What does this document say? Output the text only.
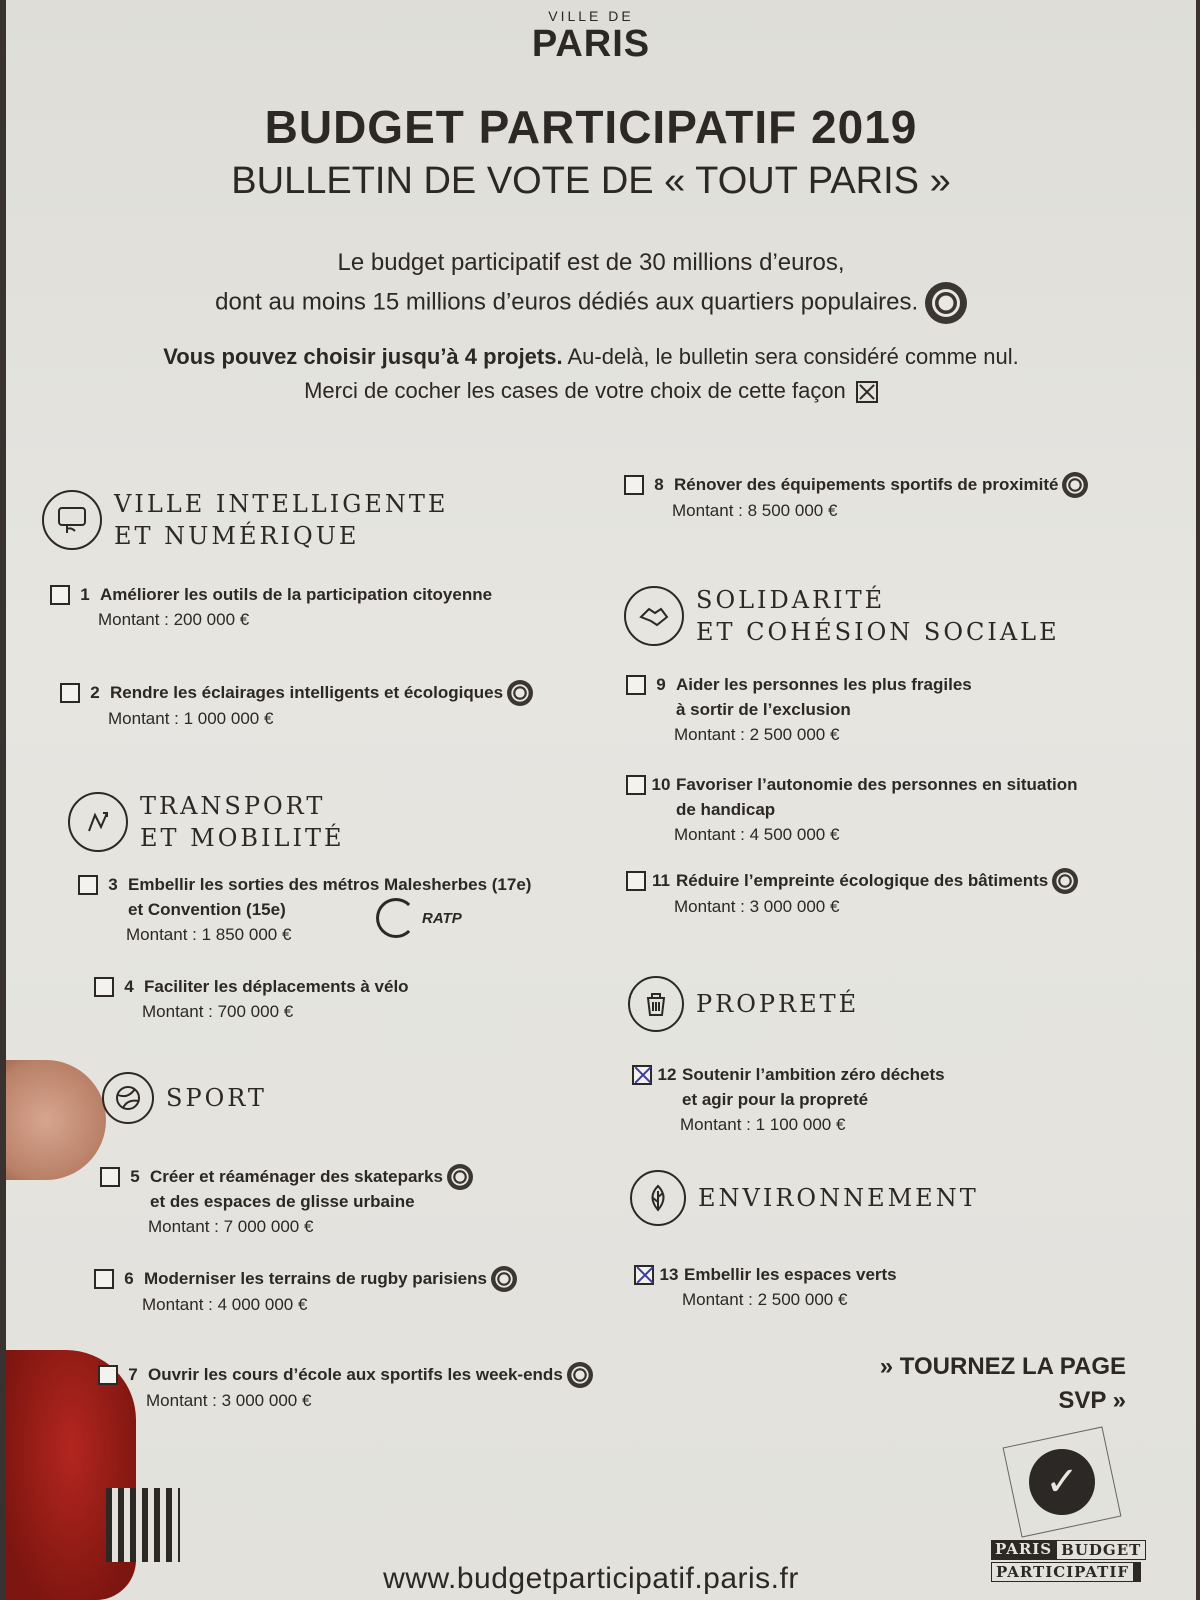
VILLE DE
PARIS
BUDGET PARTICIPATIF 2019
BULLETIN DE VOTE DE « TOUT PARIS »
Le budget participatif est de 30 millions d’euros,
dont au moins 15 millions d’euros dédiés aux quartiers populaires.
Vous pouvez choisir jusqu’à 4 projets. Au-delà, le bulletin sera considéré comme nul.
Merci de cocher les cases de votre choix de cette façon
VILLE INTELLIGENTE
ET NUMÉRIQUE
1 Améliorer les outils de la participation citoyenne
Montant : 200 000 €
2 Rendre les éclairages intelligents et écologiques
Montant : 1 000 000 €
TRANSPORT
ET MOBILITÉ
3 Embellir les sorties des métros Malesherbes (17e)
et Convention (15e)
Montant : 1 850 000 €
RATP
4 Faciliter les déplacements à vélo
Montant : 700 000 €
SPORT
5 Créer et réaménager des skateparks
et des espaces de glisse urbaine
Montant : 7 000 000 €
6 Moderniser les terrains de rugby parisiens
Montant : 4 000 000 €
7 Ouvrir les cours d’école aux sportifs les week-ends
Montant : 3 000 000 €
8 Rénover des équipements sportifs de proximité
Montant : 8 500 000 €
SOLIDARITÉ
ET COHÉSION SOCIALE
9 Aider les personnes les plus fragiles
à sortir de l’exclusion
Montant : 2 500 000 €
10 Favoriser l’autonomie des personnes en situation
de handicap
Montant : 4 500 000 €
11 Réduire l’empreinte écologique des bâtiments
Montant : 3 000 000 €
PROPRETÉ
12 Soutenir l’ambition zéro déchets
et agir pour la propreté
Montant : 1 100 000 €
ENVIRONNEMENT
13 Embellir les espaces verts
Montant : 2 500 000 €
» TOURNEZ LA PAGE
SVP »
✓
PARIS BUDGET
PARTICIPATIF
www.budgetparticipatif.paris.fr
